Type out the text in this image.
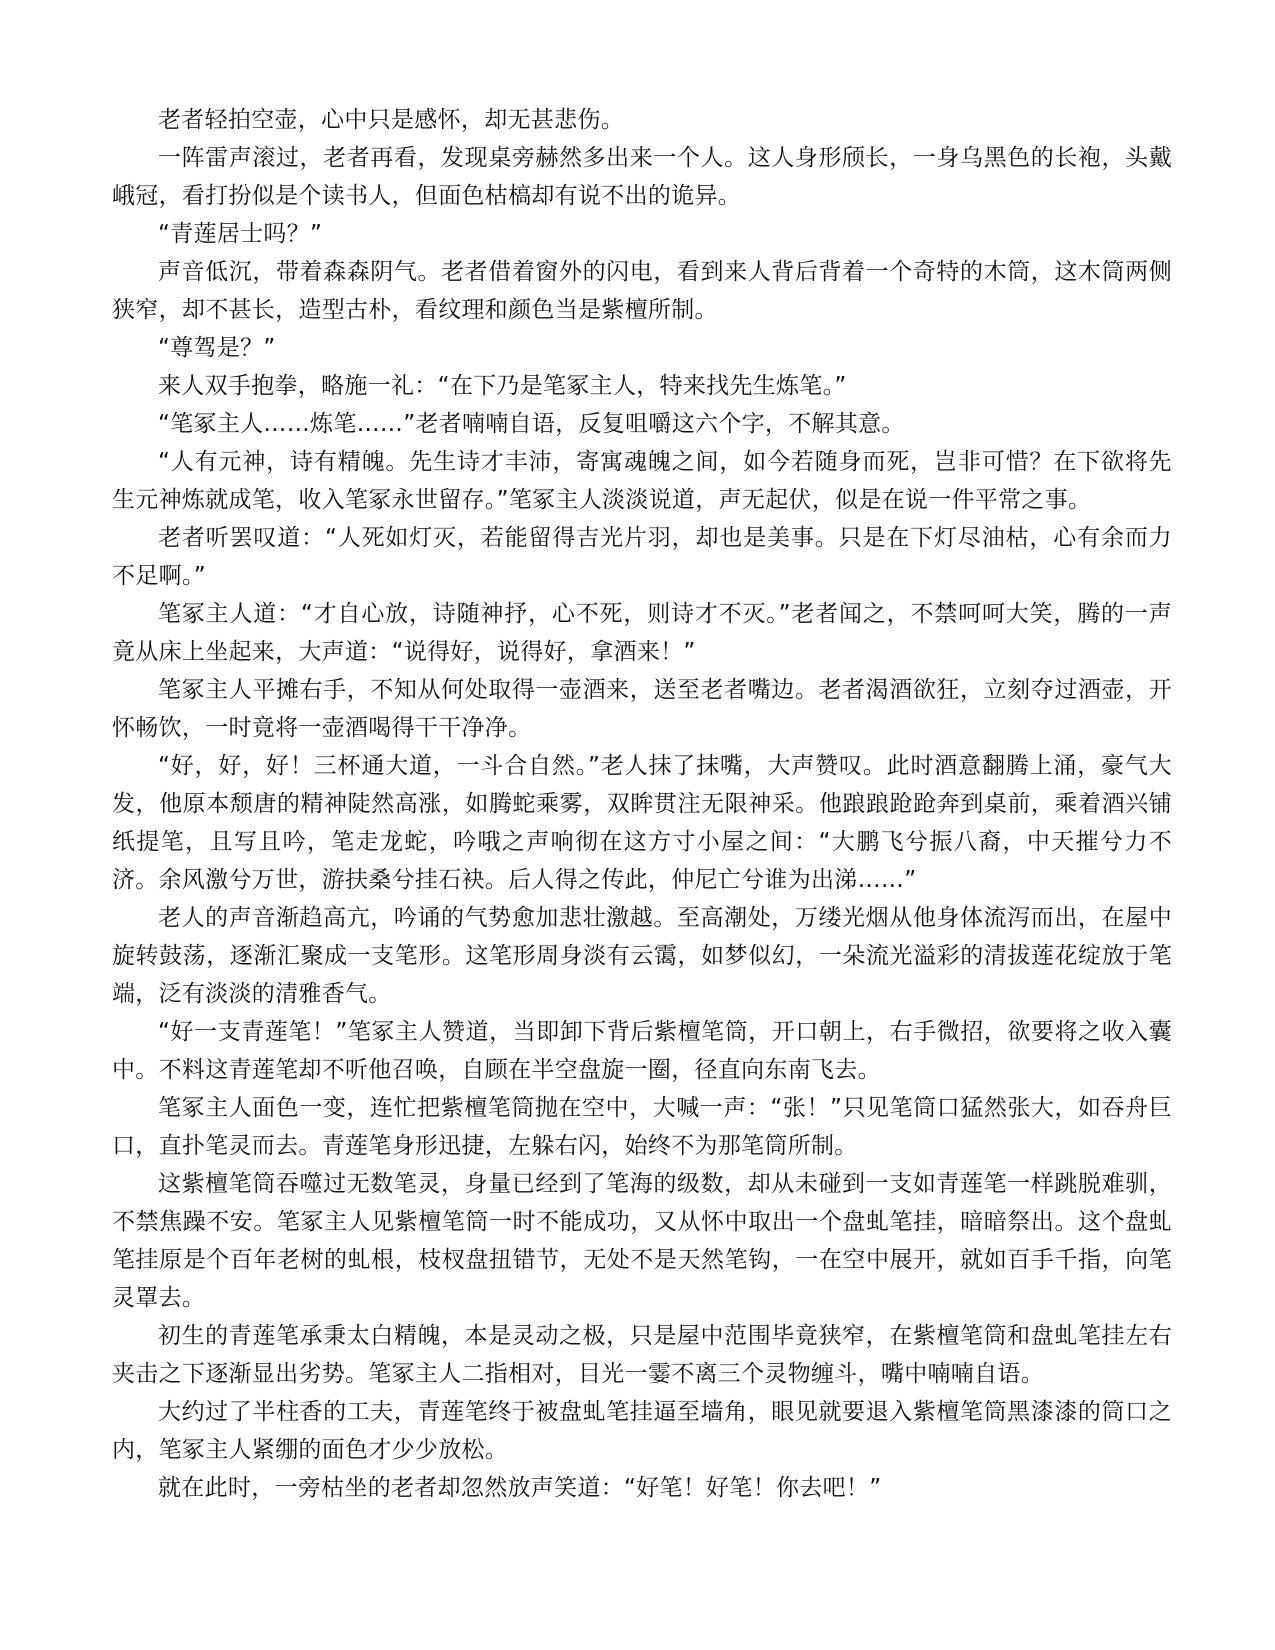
老者轻拍空壶，心中只是感怀，却无甚悲伤。

一阵雷声滚过，老者再看，发现桌旁赫然多出来一个人。这人身形颀长，一身乌黑色的长袍，头戴峨冠，看打扮似是个读书人，但面色枯槁却有说不出的诡异。

“青莲居士吗？”

声音低沉，带着森森阴气。老者借着窗外的闪电，看到来人背后背着一个奇特的木筒，这木筒两侧狭窄，却不甚长，造型古朴，看纹理和颜色当是紫檀所制。

“尊驾是？”

来人双手抱拳，略施一礼：“在下乃是笔冢主人，特来找先生炼笔。”

“笔冢主人……炼笔……”老者喃喃自语，反复咀嚼这六个字，不解其意。

“人有元神，诗有精魄。先生诗才丰沛，寄寓魂魄之间，如今若随身而死，岂非可惜？在下欲将先生元神炼就成笔，收入笔冢永世留存。”笔冢主人淡淡说道，声无起伏，似是在说一件平常之事。

老者听罢叹道：“人死如灯灭，若能留得吉光片羽，却也是美事。只是在下灯尽油枯，心有余而力不足啊。”

笔冢主人道：“才自心放，诗随神抒，心不死，则诗才不灭。”老者闻之，不禁呵呵大笑，腾的一声竟从床上坐起来，大声道：“说得好，说得好，拿酒来！”

笔冢主人平摊右手，不知从何处取得一壶酒来，送至老者嘴边。老者渴酒欲狂，立刻夺过酒壶，开怀畅饮，一时竟将一壶酒喝得干干净净。

“好，好，好！三杯通大道，一斗合自然。”老人抹了抹嘴，大声赞叹。此时酒意翻腾上涌，豪气大发，他原本颓唐的精神陡然高涨，如腾蛇乘雾，双眸贯注无限神采。他踉踉跄跄奔到桌前，乘着酒兴铺纸提笔，且写且吟，笔走龙蛇，吟哦之声响彻在这方寸小屋之间：“大鹏飞兮振八裔，中天摧兮力不济。余风激兮万世，游扶桑兮挂石袂。后人得之传此，仲尼亡兮谁为出涕……”

老人的声音渐趋高亢，吟诵的气势愈加悲壮激越。至高潮处，万缕光烟从他身体流泻而出，在屋中旋转鼓荡，逐渐汇聚成一支笔形。这笔形周身淡有云霭，如梦似幻，一朵流光溢彩的清拔莲花绽放于笔端，泛有淡淡的清雅香气。

“好一支青莲笔！”笔冢主人赞道，当即卸下背后紫檀笔筒，开口朝上，右手微招，欲要将之收入囊中。不料这青莲笔却不听他召唤，自顾在半空盘旋一圈，径直向东南飞去。

笔冢主人面色一变，连忙把紫檀笔筒抛在空中，大喊一声：“张！”只见笔筒口猛然张大，如吞舟巨口，直扑笔灵而去。青莲笔身形迅捷，左躲右闪，始终不为那笔筒所制。

这紫檀笔筒吞噬过无数笔灵，身量已经到了笔海的级数，却从未碰到一支如青莲笔一样跳脱难驯，不禁焦躁不安。笔冢主人见紫檀笔筒一时不能成功，又从怀中取出一个盘虬笔挂，暗暗祭出。这个盘虬笔挂原是个百年老树的虬根，枝杈盘扭错节，无处不是天然笔钩，一在空中展开，就如百手千指，向笔灵罩去。

初生的青莲笔承秉太白精魄，本是灵动之极，只是屋中范围毕竟狭窄，在紫檀笔筒和盘虬笔挂左右夹击之下逐渐显出劣势。笔冢主人二指相对，目光一霎不离三个灵物缠斗，嘴中喃喃自语。

大约过了半柱香的工夫，青莲笔终于被盘虬笔挂逼至墙角，眼见就要退入紫檀笔筒黑漆漆的筒口之内，笔冢主人紧绷的面色才少少放松。

就在此时，一旁枯坐的老者却忽然放声笑道：“好笔！好笔！你去吧！”
